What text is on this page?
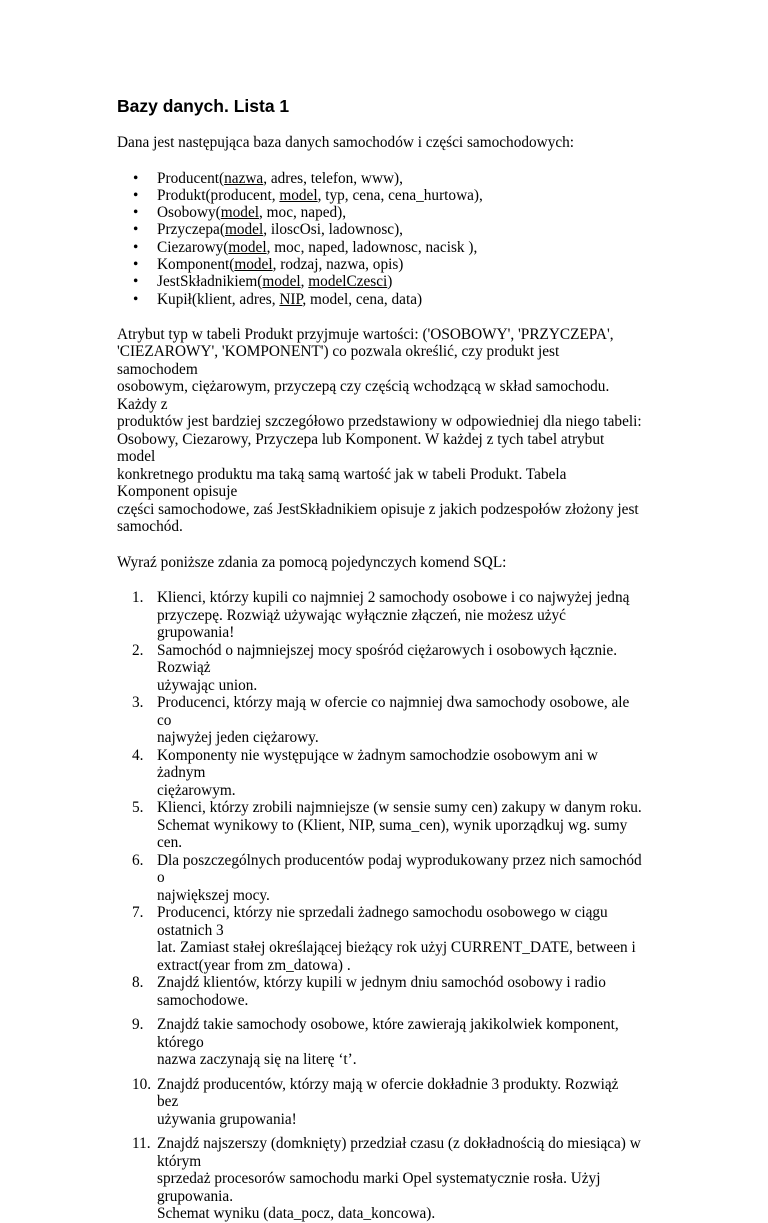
Bazy danych. Lista 1

Dana jest następująca baza danych samochodów i części samochodowych:

• Producent(nazwa, adres, telefon, www),
• Produkt(producent, model, typ, cena, cena_hurtowa),
• Osobowy(model, moc, naped),
• Przyczepa(model, iloscOsi, ladownosc),
• Ciezarowy(model, moc, naped, ladownosc, nacisk ),
• Komponent(model, rodzaj, nazwa, opis)
• JestSkładnikiem(model, modelCzesci)
• Kupił(klient, adres, NIP, model, cena, data)
Atrybut typ w tabeli Produkt przyjmuje wartości: ('OSOBOWY', 'PRZYCZEPA',
'CIEZAROWY', 'KOMPONENT') co pozwala określić, czy produkt jest samochodem
osobowym, ciężarowym, przyczepą czy częścią wchodzącą w skład samochodu. Każdy z
produktów jest bardziej szczegółowo przedstawiony w odpowiedniej dla niego tabeli:
Osobowy, Ciezarowy, Przyczepa lub Komponent. W każdej z tych tabel atrybut model
konkretnego produktu ma taką samą wartość jak w tabeli Produkt. Tabela Komponent opisuje
części samochodowe, zaś JestSkładnikiem opisuje z jakich podzespołów złożony jest
samochód.

Wyraź poniższe zdania za pomocą pojedynczych komend SQL:

1. Klienci, którzy kupili co najmniej 2 samochody osobowe i co najwyżej jedną
przyczepę. Rozwiąż używając wyłącznie złączeń, nie możesz użyć grupowania!
2. Samochód o najmniejszej mocy spośród ciężarowych i osobowych łącznie. Rozwiąż
używając union.
3. Producenci, którzy mają w ofercie co najmniej dwa samochody osobowe, ale co
najwyżej jeden ciężarowy.
4. Komponenty nie występujące w żadnym samochodzie osobowym ani w żadnym
ciężarowym.
5. Klienci, którzy zrobili najmniejsze (w sensie sumy cen) zakupy w danym roku.
Schemat wynikowy to (Klient, NIP, suma_cen), wynik uporządkuj wg. sumy cen.
6. Dla poszczególnych producentów podaj wyprodukowany przez nich samochód o
największej mocy.
7. Producenci, którzy nie sprzedali żadnego samochodu osobowego w ciągu ostatnich 3
lat. Zamiast stałej określającej bieżący rok użyj CURRENT_DATE, between i
extract(year from zm_datowa) .
8. Znajdź klientów, którzy kupili w jednym dniu samochód osobowy i radio
samochodowe.
9. Znajdź takie samochody osobowe, które zawierają jakikolwiek komponent, którego
nazwa zaczynają się na literę ‘t’.
10. Znajdź producentów, którzy mają w ofercie dokładnie 3 produkty. Rozwiąż bez
używania grupowania!
11. Znajdź najszerszy (domknięty) przedział czasu (z dokładnością do miesiąca) w którym
sprzedaż procesorów samochodu marki Opel systematycznie rosła. Użyj grupowania.
Schemat wyniku (data_pocz, data_koncowa).
